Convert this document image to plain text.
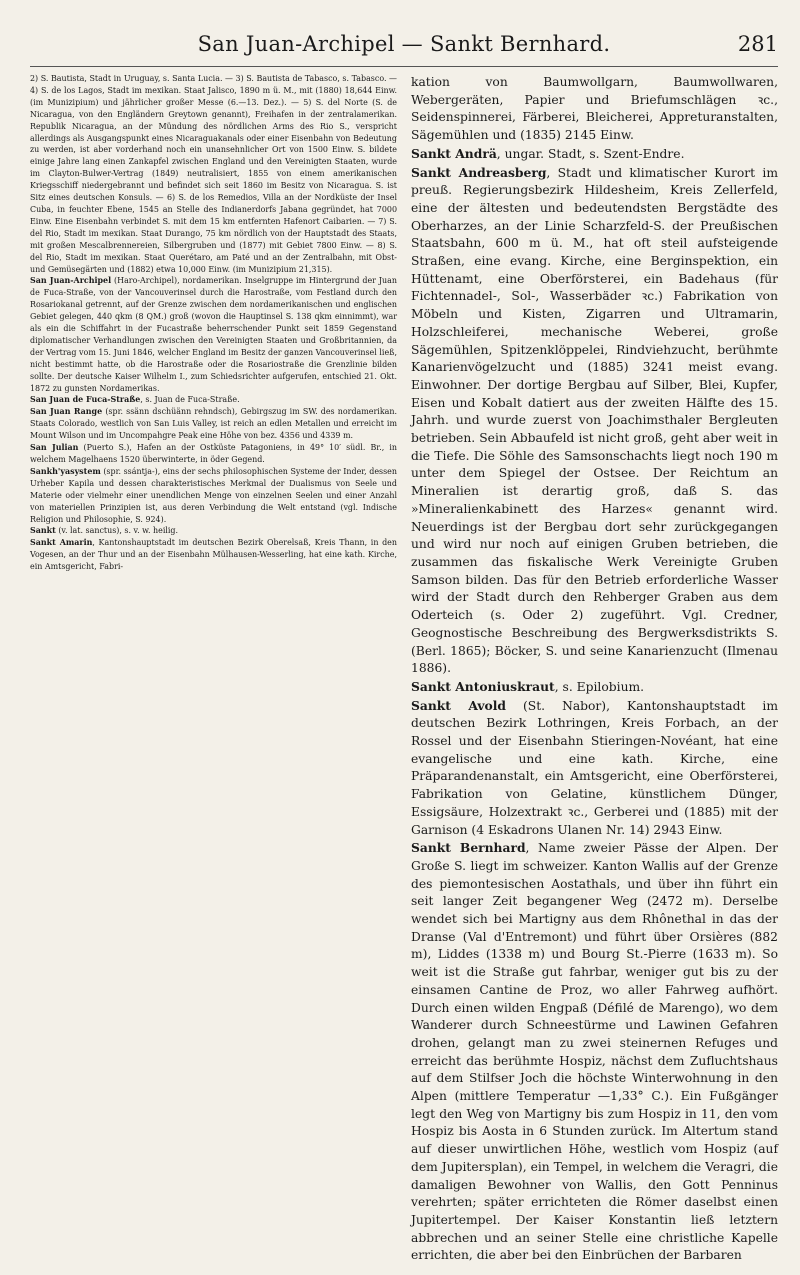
San Juan-Archipel — Sankt Bernhard.	281

2) S. Bautista, Stadt in Uruguay, s. Santa Lucia. — 3) S. Bautista de Tabasco, s. Tabasco. — 4) S. de los Lagos, Stadt im mexikan. Staat Jalisco, 1890 m ü. M., mit (1880) 18,644 Einw. (im Munizipium) und jährlicher großer Messe (6.—13. Dez.). — 5) S. del Norte (S. de Nicaragua, von den Engländern Greytown genannt), Freihafen in der zentralamerikan. Republik Nicaragua, an der Mündung des nördlichen Arms des Rio S., verspricht allerdings als Ausgangspunkt eines Nicaraguakanals oder einer Eisenbahn von Bedeutung zu werden, ist aber vorderhand noch ein unansehnlicher Ort von 1500 Einw. S. bildete einige Jahre lang einen Zankapfel zwischen England und den Vereinigten Staaten, wurde im Clayton-Bulwer-Vertrag (1849) neutralisiert, 1855 von einem amerikanischen Kriegsschiff niedergebrannt und befindet sich seit 1860 im Besitz von Nicaragua. S. ist Sitz eines deutschen Konsuls. — 6) S. de los Remedios, Villa an der Nordküste der Insel Cuba, in feuchter Ebene, 1545 an Stelle des Indianerdorfs Jabana gegründet, hat 7000 Einw. Eine Eisenbahn verbindet S. mit dem 15 km entfernten Hafenort Caibarien. — 7) S. del Rio, Stadt im mexikan. Staat Durango, 75 km nördlich von der Hauptstadt des Staats, mit großen Mescalbrennereien, Silbergruben und (1877) mit Gebiet 7800 Einw. — 8) S. del Rio, Stadt im mexikan. Staat Querétaro, am Paté und an der Zentralbahn, mit Obst- und Gemüsegärten und (1882) etwa 10,000 Einw. (im Munizipium 21,315).

San Juan-Archipel (Haro-Archipel), nordamerikan. Inselgruppe im Hintergrund der Juan de Fuca-Straße, von der Vancouverinsel durch die Harostraße, vom Festland durch den Rosariokanal getrennt, auf der Grenze zwischen dem nordamerikanischen und englischen Gebiet gelegen, 440 qkm (8 QM.) groß (wovon die Hauptinsel S. 138 qkm einnimmt), war als ein die Schiffahrt in der Fucastraße beherrschender Punkt seit 1859 Gegenstand diplomatischer Verhandlungen zwischen den Vereinigten Staaten und Großbritannien, da der Vertrag vom 15. Juni 1846, welcher England im Besitz der ganzen Vancouverinsel ließ, nicht bestimmt hatte, ob die Harostraße oder die Rosariostraße die Grenzlinie bilden sollte. Der deutsche Kaiser Wilhelm I., zum Schiedsrichter aufgerufen, entschied 21. Okt. 1872 zu gunsten Nordamerikas.

San Juan de Fuca-Straße, s. Juan de Fuca-Straße.

San Juan Range (spr. ssänn dschüänn rehndsch), Gebirgszug im SW. des nordamerikan. Staats Colorado, westlich von San Luis Valley, ist reich an edlen Metallen und erreicht im Mount Wilson und im Uncompahgre Peak eine Höhe von bez. 4356 und 4339 m.

San Julian (Puerto S.), Hafen an der Ostküste Patagoniens, in 49° 10′ südl. Br., in welchem Magelhaens 1520 überwinterte, in öder Gegend.

Sankh'yasystem (spr. ssántja-), eins der sechs philosophischen Systeme der Inder, dessen Urheber Kapila und dessen charakteristisches Merkmal der Dualismus von Seele und Materie oder vielmehr einer unendlichen Menge von einzelnen Seelen und einer Anzahl von materiellen Prinzipien ist, aus deren Verbindung die Welt entstand (vgl. Indische Religion und Philosophie, S. 924).

Sankt (v. lat. sanctus), s. v. w. heilig.

Sankt Amarin, Kantonshauptstadt im deutschen Bezirk Oberelsaß, Kreis Thann, in den Vogesen, an der Thur und an der Eisenbahn Mülhausen-Wesserling, hat eine kath. Kirche, ein Amtsgericht, Fabri-

kation von Baumwollgarn, Baumwollwaren, Webergeräten, Papier und Briefumschlägen ꝛc., Seidenspinnerei, Färberei, Bleicherei, Appreturanstalten, Sägemühlen und (1835) 2145 Einw.

Sankt Andrä, ungar. Stadt, s. Szent-Endre.

Sankt Andreasberg, Stadt und klimatischer Kurort im preuß. Regierungsbezirk Hildesheim, Kreis Zellerfeld, eine der ältesten und bedeutendsten Bergstädte des Oberharzes, an der Linie Scharzfeld-S. der Preußischen Staatsbahn, 600 m ü. M., hat oft steil aufsteigende Straßen, eine evang. Kirche, eine Berginspektion, ein Hüttenamt, eine Oberförsterei, ein Badehaus (für Fichtennadel-, Sol-, Wasserbäder ꝛc.) Fabrikation von Möbeln und Kisten, Zigarren und Ultramarin, Holzschleiferei, mechanische Weberei, große Sägemühlen, Spitzenklöppelei, Rindviehzucht, berühmte Kanarienvögelzucht und (1885) 3241 meist evang. Einwohner. Der dortige Bergbau auf Silber, Blei, Kupfer, Eisen und Kobalt datiert aus der zweiten Hälfte des 15. Jahrh. und wurde zuerst von Joachimsthaler Bergleuten betrieben. Sein Abbaufeld ist nicht groß, geht aber weit in die Tiefe. Die Söhle des Samsonschachts liegt noch 190 m unter dem Spiegel der Ostsee. Der Reichtum an Mineralien ist derartig groß, daß S. das »Mineralienkabinett des Harzes« genannt wird. Neuerdings ist der Bergbau dort sehr zurückgegangen und wird nur noch auf einigen Gruben betrieben, die zusammen das fiskalische Werk Vereinigte Gruben Samson bilden. Das für den Betrieb erforderliche Wasser wird der Stadt durch den Rehberger Graben aus dem Oderteich (s. Oder 2) zugeführt. Vgl. Credner, Geognostische Beschreibung des Bergwerksdistrikts S. (Berl. 1865); Böcker, S. und seine Kanarienzucht (Ilmenau 1886).

Sankt Antoniuskraut, s. Epilobium.

Sankt Avold (St. Nabor), Kantonshauptstadt im deutschen Bezirk Lothringen, Kreis Forbach, an der Rossel und der Eisenbahn Stieringen-Novéant, hat eine evangelische und eine kath. Kirche, eine Präparandenanstalt, ein Amtsgericht, eine Oberförsterei, Fabrikation von Gelatine, künstlichem Dünger, Essigsäure, Holzextrakt ꝛc., Gerberei und (1885) mit der Garnison (4 Eskadrons Ulanen Nr. 14) 2943 Einw.

Sankt Bernhard, Name zweier Pässe der Alpen. Der Große S. liegt im schweizer. Kanton Wallis auf der Grenze des piemontesischen Aostathals, und über ihn führt ein seit langer Zeit begangener Weg (2472 m). Derselbe wendet sich bei Martigny aus dem Rhônethal in das der Dranse (Val d'Entremont) und führt über Orsières (882 m), Liddes (1338 m) und Bourg St.-Pierre (1633 m). So weit ist die Straße gut fahrbar, weniger gut bis zu der einsamen Cantine de Proz, wo aller Fahrweg aufhört. Durch einen wilden Engpaß (Défilé de Marengo), wo dem Wanderer durch Schneestürme und Lawinen Gefahren drohen, gelangt man zu zwei steinernen Refuges und erreicht das berühmte Hospiz, nächst dem Zufluchtshaus auf dem Stilfser Joch die höchste Winterwohnung in den Alpen (mittlere Temperatur —1,33° C.). Ein Fußgänger legt den Weg von Martigny bis zum Hospiz in 11, den vom Hospiz bis Aosta in 6 Stunden zurück. Im Altertum stand auf dieser unwirtlichen Höhe, westlich vom Hospiz (auf dem Jupitersplan), ein Tempel, in welchem die Veragri, die damaligen Bewohner von Wallis, den Gott Penninus verehrten; später errichteten die Römer daselbst einen Jupitertempel. Der Kaiser Konstantin ließ letztern abbrechen und an seiner Stelle eine christliche Kapelle errichten, die aber bei den Einbrüchen der Barbaren
